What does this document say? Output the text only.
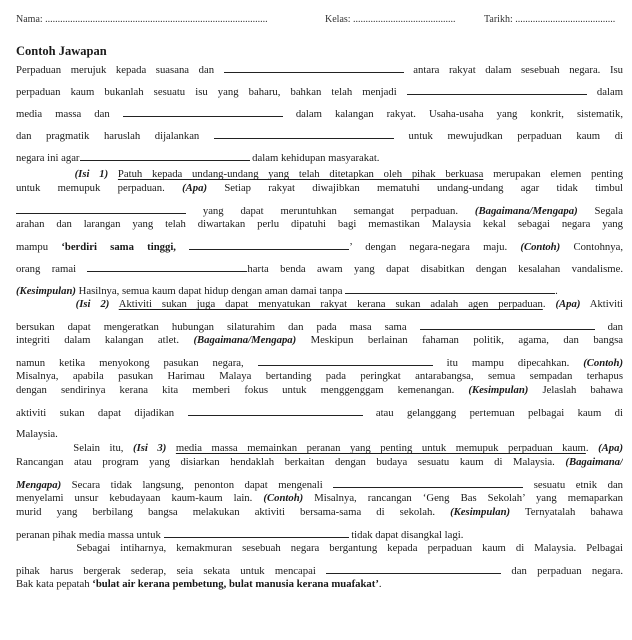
Nama: .........................................................................................	Kelas: .........................................	Tarikh: ........................................
Contoh Jawapan
Perpaduan merujuk kepada suasana dan	antara rakyat dalam sesebuah negara. Isu
perpaduan kaum bukanlah sesuatu isu yang baharu, bahkan telah menjadi	dalam
media massa dan	dalam kalangan rakyat. Usaha-usaha yang konkrit, sistematik,
dan pragmatik haruslah dijalankan	untuk mewujudkan perpaduan kaum di
negara ini agar	dalam kehidupan masyarakat.
(Isi 1) Patuh kepada undang-undang yang telah ditetapkan oleh pihak berkuasa merupakan elemen penting
untuk memupuk perpaduan. (Apa) Setiap rakyat diwajibkan mematuhi undang-undang agar tidak timbul
yang dapat meruntuhkan semangat perpaduan. (Bagaimana/Mengapa) Segala
arahan dan larangan yang telah diwartakan perlu dipatuhi bagi memastikan Malaysia kekal sebagai negara yang
mampu ‘berdiri sama tinggi,	’ dengan negara-negara maju. (Contoh) Contohnya,
orang ramai	harta benda awam yang dapat disabitkan dengan kesalahan vandalisme.
(Kesimpulan) Hasilnya, semua kaum dapat hidup dengan aman damai tanpa	.
(Isi 2) Aktiviti sukan juga dapat menyatukan rakyat kerana sukan adalah agen perpaduan. (Apa) Aktiviti
bersukan dapat mengeratkan hubungan silaturahim dan pada masa sama	dan
integriti dalam kalangan atlet. (Bagaimana/Mengapa) Meskipun berlainan fahaman politik, agama, dan bangsa
namun ketika menyokong pasukan negara,	itu mampu dipecahkan. (Contoh)
Misalnya, apabila pasukan Harimau Malaya bertanding pada peringkat antarabangsa, semua sempadan terhapus
dengan sendirinya kerana kita memberi fokus untuk menggenggam kemenangan. (Kesimpulan) Jelaslah bahawa
aktiviti sukan dapat dijadikan	atau gelanggang pertemuan pelbagai kaum di
Malaysia.
Selain itu, (Isi 3) media massa memainkan peranan yang penting untuk memupuk perpaduan kaum. (Apa)
Rancangan atau program yang disiarkan hendaklah berkaitan dengan budaya sesuatu kaum di Malaysia. (Bagaimana/
Mengapa) Secara tidak langsung, penonton dapat mengenali	sesuatu etnik dan
menyelami unsur kebudayaan kaum-kaum lain. (Contoh) Misalnya, rancangan ‘Geng Bas Sekolah’ yang memaparkan
murid yang berbilang bangsa melakukan aktiviti bersama-sama di sekolah. (Kesimpulan) Ternyatalah bahawa
peranan pihak media massa untuk	tidak dapat disangkal lagi.
Sebagai intiharnya, kemakmuran sesebuah negara bergantung kepada perpaduan kaum di Malaysia. Pelbagai
pihak harus bergerak sederap, seia sekata untuk mencapai	dan perpaduan negara.
Bak kata pepatah ‘bulat air kerana pembetung, bulat manusia kerana muafakat’.
